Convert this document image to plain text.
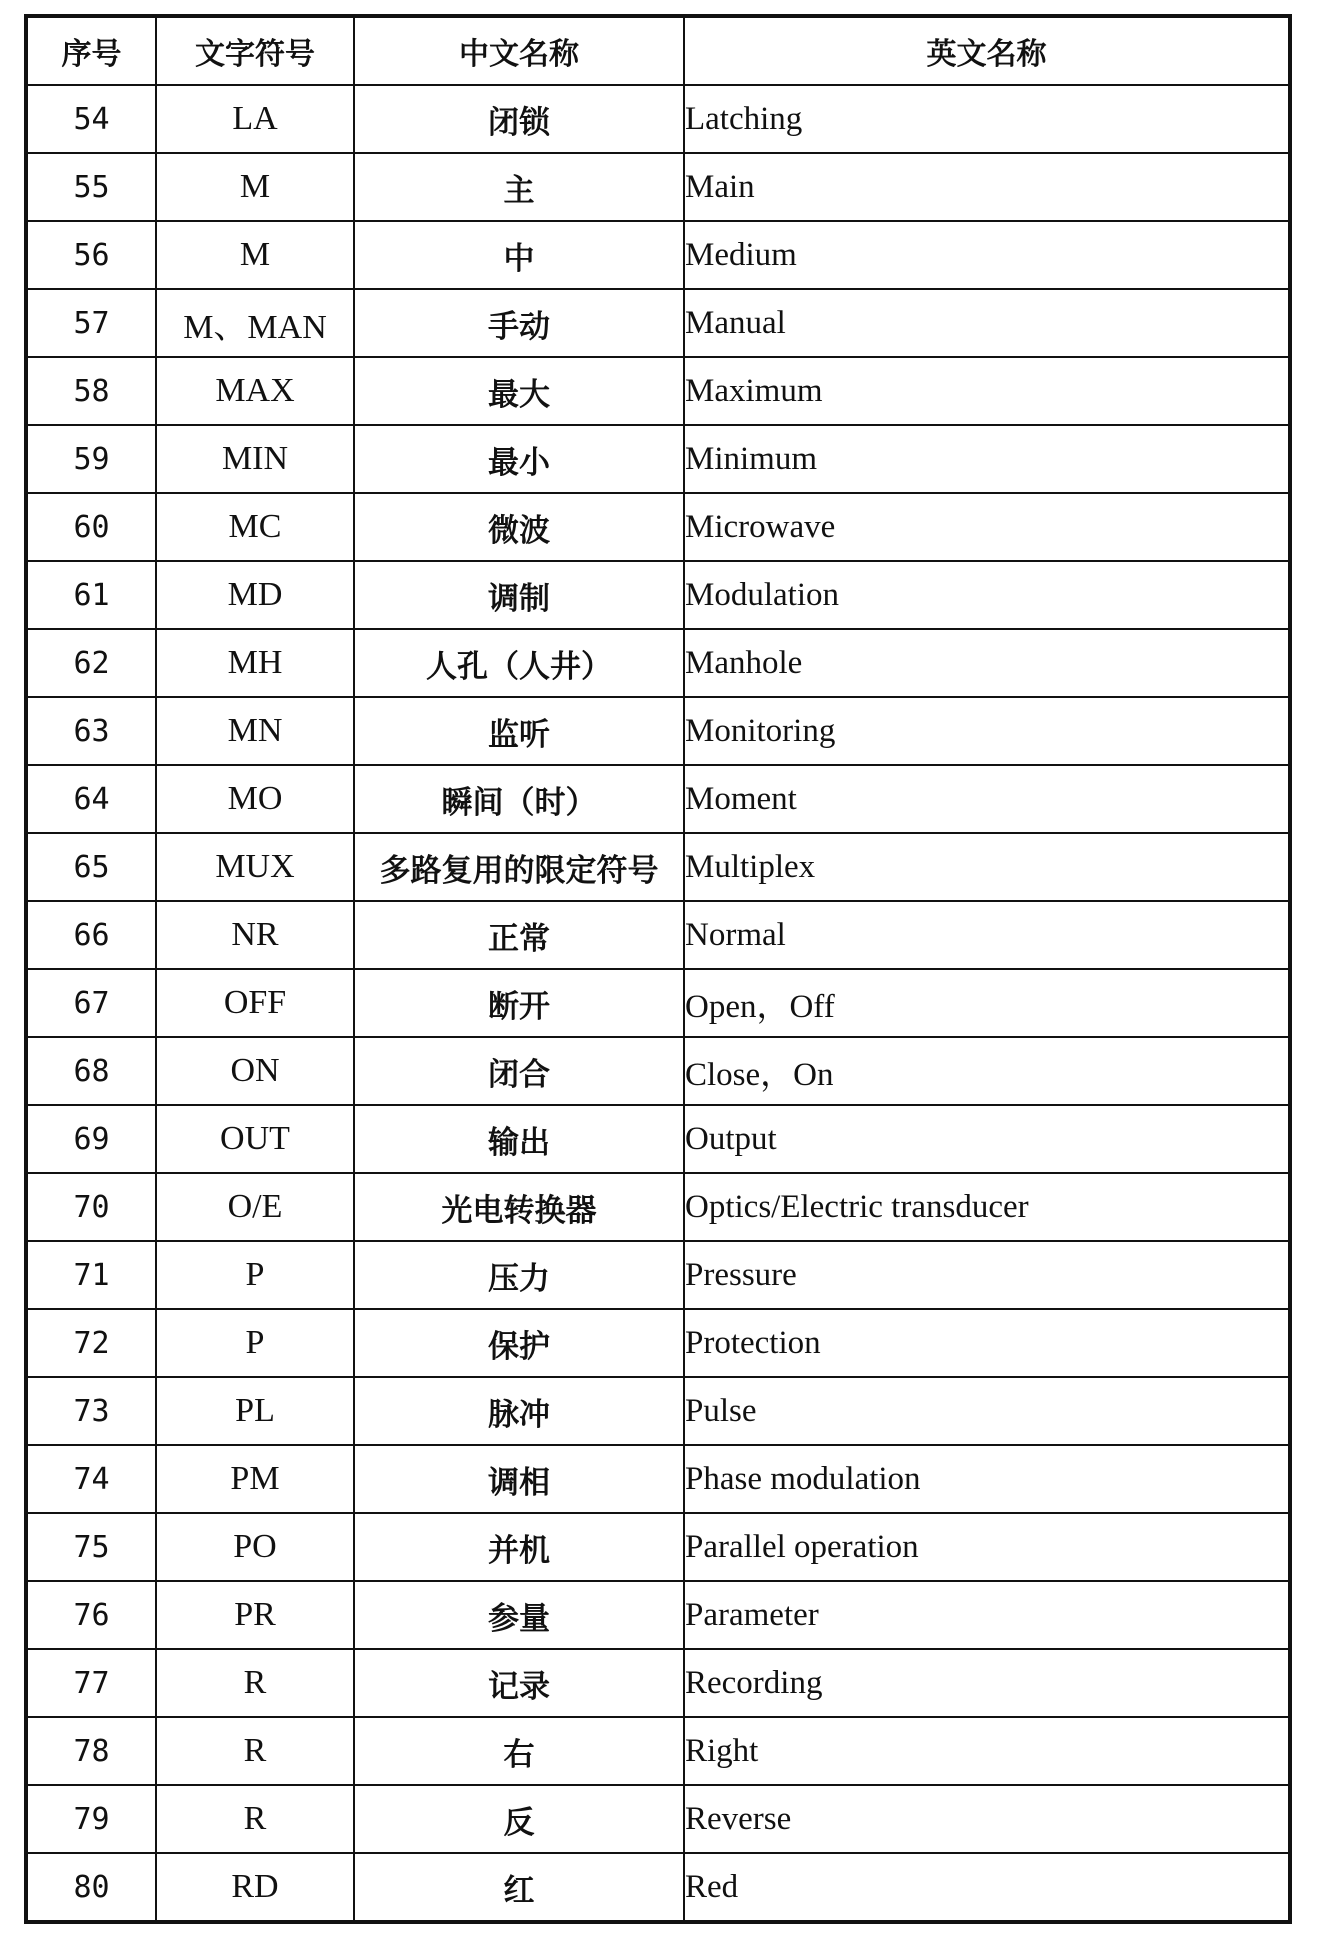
序号	文字符号	中文名称	英文名称
54	LA	闭锁	Latching
55	M	主	Main
56	M	中	Medium
57	M、MAN	手动	Manual
58	MAX	最大	Maximum
59	MIN	最小	Minimum
60	MC	微波	Microwave
61	MD	调制	Modulation
62	MH	人孔（人井）	Manhole
63	MN	监听	Monitoring
64	MO	瞬间（时）	Moment
65	MUX	多路复用的限定符号	Multiplex
66	NR	正常	Normal
67	OFF	断开	Open，Off
68	ON	闭合	Close，On
69	OUT	输出	Output
70	O/E	光电转换器	Optics/Electric transducer
71	P	压力	Pressure
72	P	保护	Protection
73	PL	脉冲	Pulse
74	PM	调相	Phase modulation
75	PO	并机	Parallel operation
76	PR	参量	Parameter
77	R	记录	Recording
78	R	右	Right
79	R	反	Reverse
80	RD	红	Red
